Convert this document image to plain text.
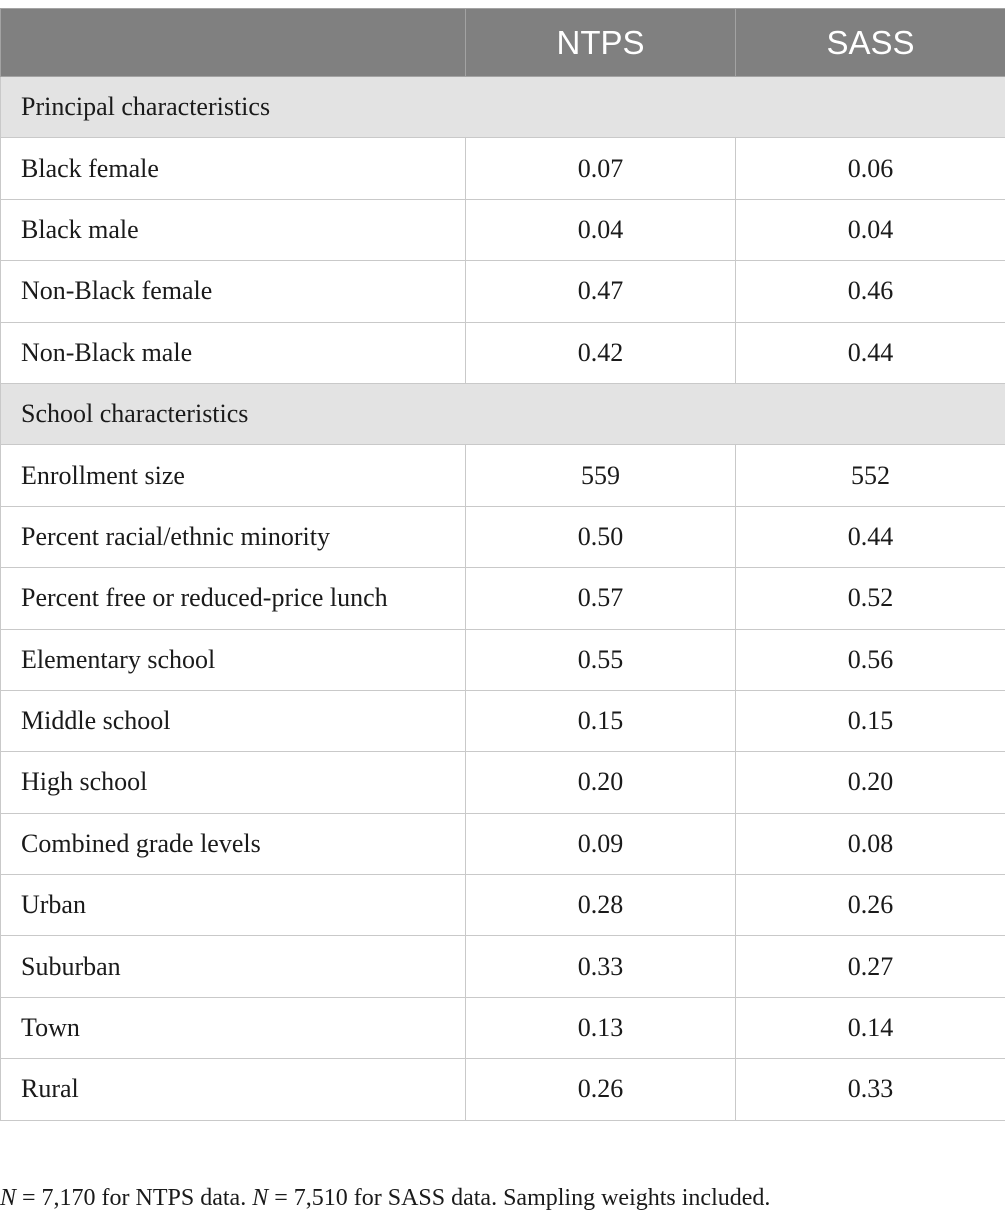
	NTPS	SASS
Principal characteristics		
Black female	0.07	0.06
Black male	0.04	0.04
Non-Black female	0.47	0.46
Non-Black male	0.42	0.44
School characteristics		
Enrollment size	559	552
Percent racial/ethnic minority	0.50	0.44
Percent free or reduced-price lunch	0.57	0.52
Elementary school	0.55	0.56
Middle school	0.15	0.15
High school	0.20	0.20
Combined grade levels	0.09	0.08
Urban	0.28	0.26
Suburban	0.33	0.27
Town	0.13	0.14
Rural	0.26	0.33
N = 7,170 for NTPS data. N = 7,510 for SASS data. Sampling weights included.
